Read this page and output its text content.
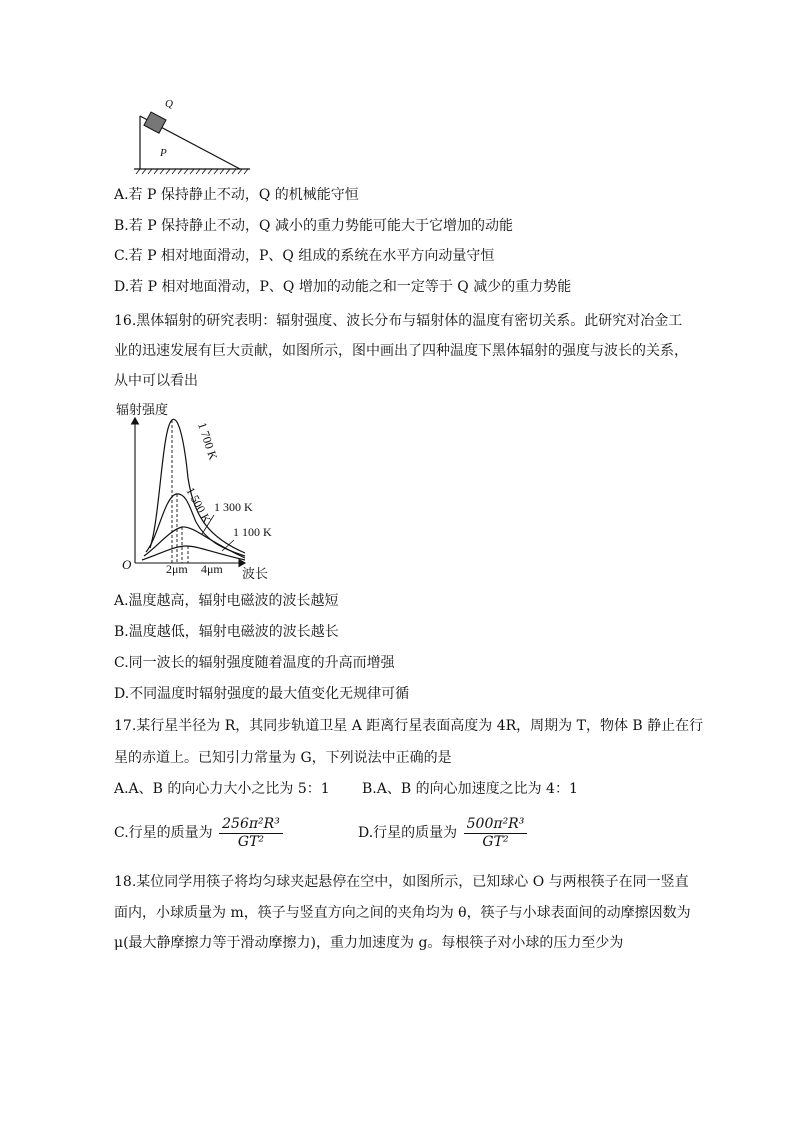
Q
P
A.若 P 保持静止不动，Q 的机械能守恒
B.若 P 保持静止不动，Q 减小的重力势能可能大于它增加的动能
C.若 P 相对地面滑动，P、Q 组成的系统在水平方向动量守恒
D.若 P 相对地面滑动，P、Q 增加的动能之和一定等于 Q 减少的重力势能
16.黑体辐射的研究表明：辐射强度、波长分布与辐射体的温度有密切关系。此研究对冶金工
业的迅速发展有巨大贡献，如图所示，图中画出了四种温度下黑体辐射的强度与波长的关系，
从中可以看出
辐射强度
波长
O	2μm 4μm
1 700 K
1 500 K 1 300 K
1 100 K
A.温度越高，辐射电磁波的波长越短
B.温度越低，辐射电磁波的波长越长
C.同一波长的辐射强度随着温度的升高而增强
D.不同温度时辐射强度的最大值变化无规律可循
17.某行星半径为 R，其同步轨道卫星 A 距离行星表面高度为 4R，周期为 T，物体 B 静止在行
星的赤道上。已知引力常量为 G，下列说法中正确的是
A.A、B 的向心力大小之比为 5：1 B.A、B 的向心加速度之比为 4：1
C.行星的质量为 $\frac{\text{256π²R³}}{\text{GT²}}$	D.行星的质量为 $\frac{\text{500π²R³}}{\text{GT²}}$
18.某位同学用筷子将均匀球夹起悬停在空中，如图所示，已知球心 O 与两根筷子在同一竖直
面内，小球质量为 m，筷子与竖直方向之间的夹角均为 θ，筷子与小球表面间的动摩擦因数为
μ(最大静摩擦力等于滑动摩擦力)，重力加速度为 g。每根筷子对小球的压力至少为
